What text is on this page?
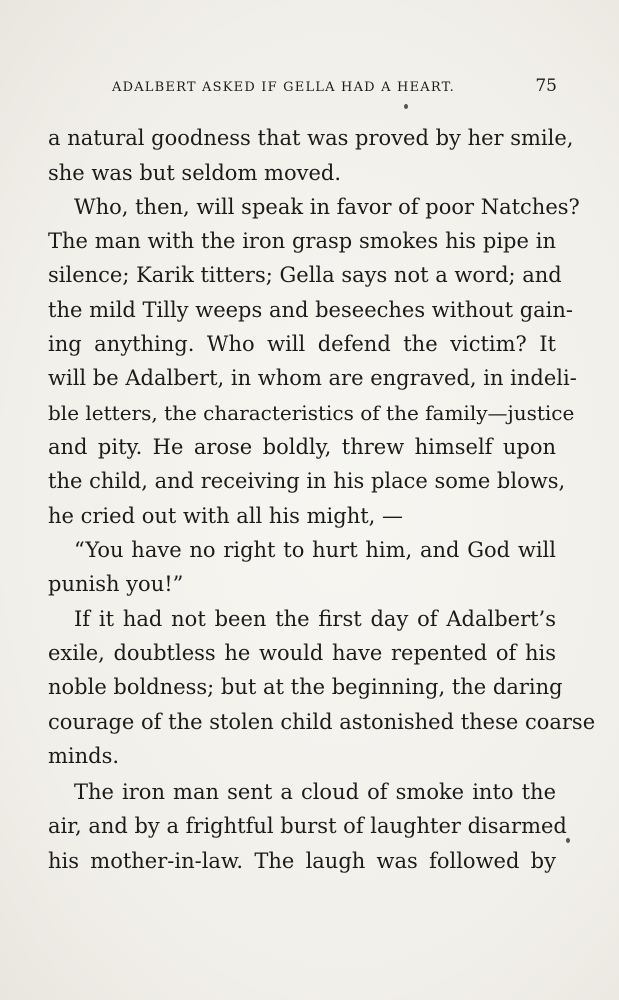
ADALBERT ASKED IF GELLA HAD A HEART.	75
a natural goodness that was proved by her smile,
she was but seldom moved.
Who, then, will speak in favor of poor Natches?
The man with the iron grasp smokes his pipe in
silence; Karik titters; Gella says not a word; and
the mild Tilly weeps and beseeches without gain-
ing anything. Who will defend the victim? It
will be Adalbert, in whom are engraved, in indeli-
ble letters, the characteristics of the family—justice
and pity. He arose boldly, threw himself upon
the child, and receiving in his place some blows,
he cried out with all his might, —
“You have no right to hurt him, and God will
punish you!”
If it had not been the first day of Adalbert’s
exile, doubtless he would have repented of his
noble boldness; but at the beginning, the daring
courage of the stolen child astonished these coarse
minds.
The iron man sent a cloud of smoke into the
air, and by a frightful burst of laughter disarmed
his mother-in-law. The laugh was followed by
